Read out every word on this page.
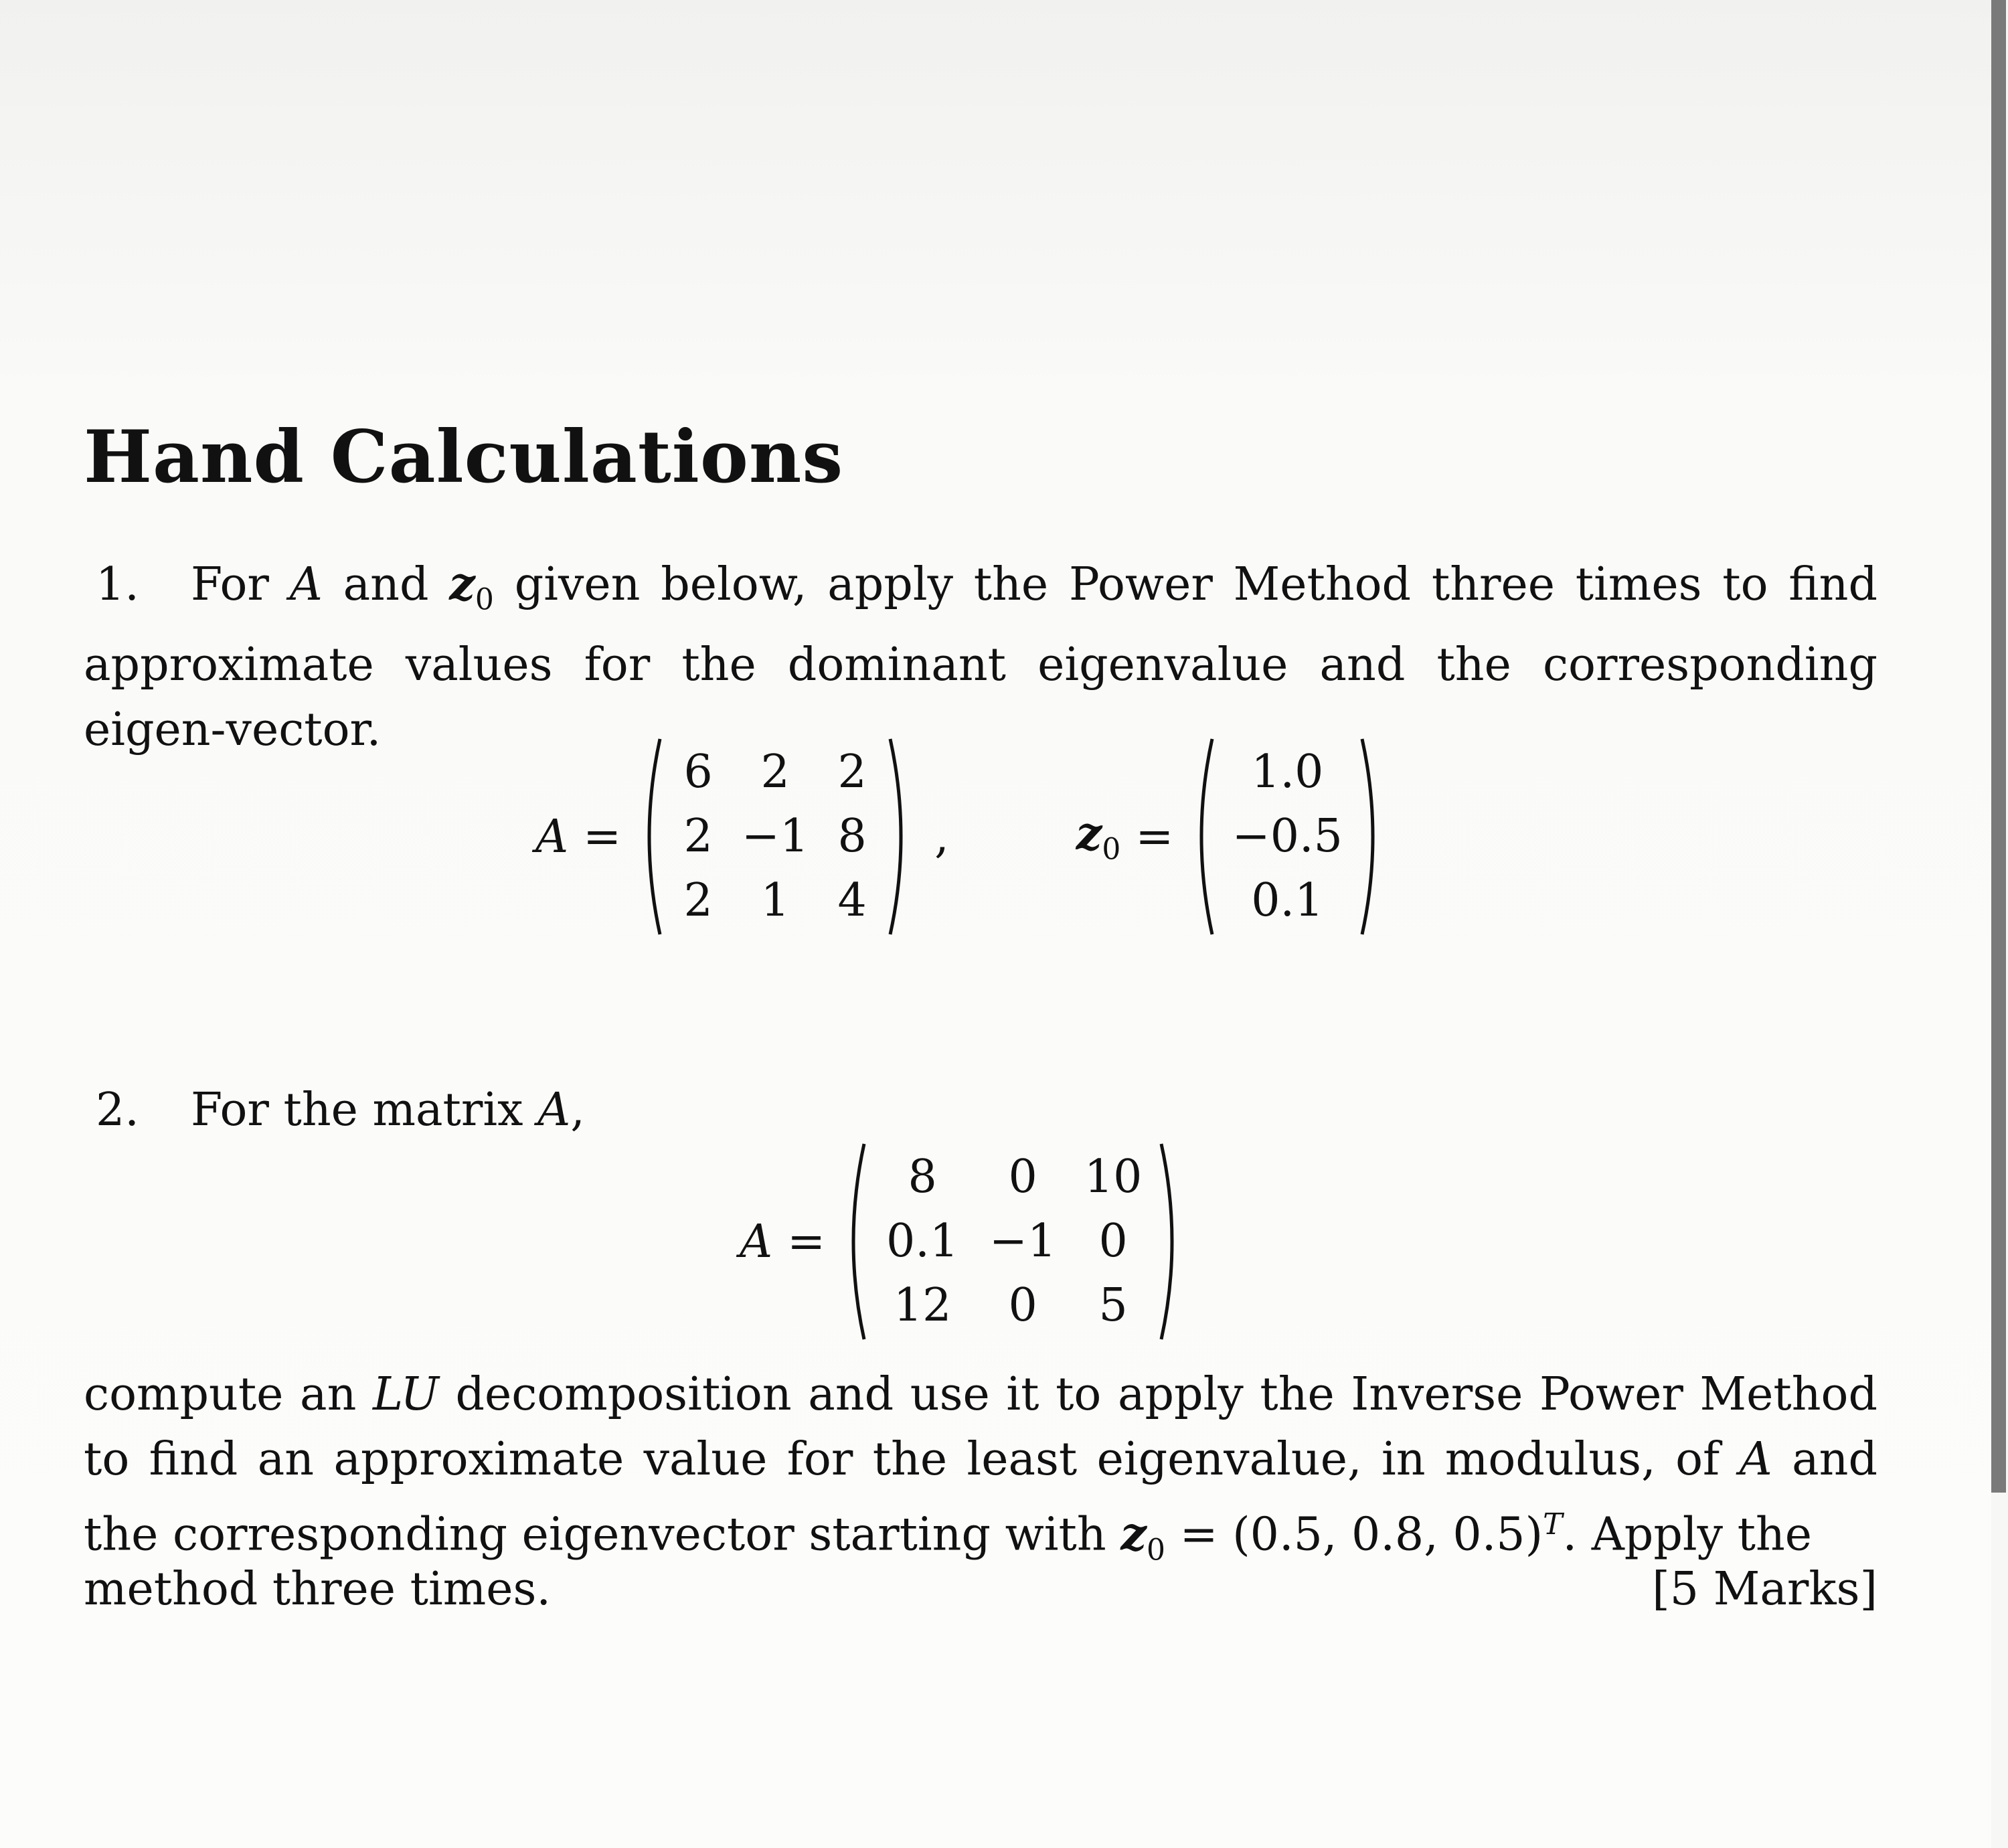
Hand Calculations

1. For A and $z_0$ given below, apply the Power Method three times to find approximate values for the dominant eigenvalue and the corresponding eigen-vector.

A =
6	2	2
2 −1 8
2	1	4
,	$z_0$ =
1.0
−0.5
0.1

2. For the matrix A,

A =
8	0	10
0.1 −1 0
12	0	5

compute an LU decomposition and use it to apply the Inverse Power Method to find an approximate value for the least eigenvalue, in modulus, of A and the corresponding eigenvector starting with $z_0 = (0.5$, 0.8, 0.5)$^T$. Apply the

method three times.	[5 Marks]
